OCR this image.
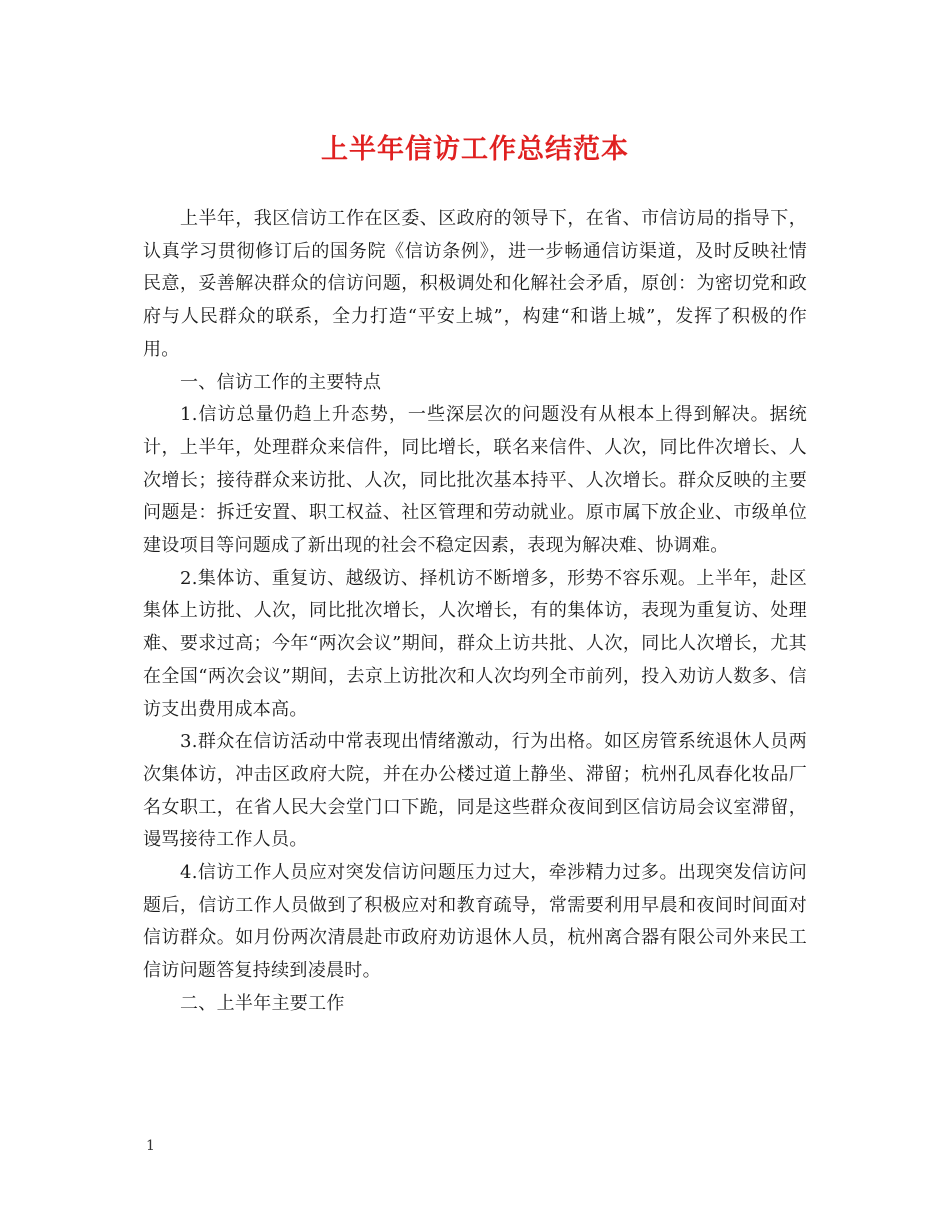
上半年信访工作总结范本

上半年，我区信访工作在区委、区政府的领导下，在省、市信访局的指导下，认真学习贯彻修订后的国务院《信访条例》，进一步畅通信访渠道，及时反映社情民意，妥善解决群众的信访问题，积极调处和化解社会矛盾，原创：为密切党和政府与人民群众的联系，全力打造“平安上城”，构建“和谐上城”，发挥了积极的作用。

一、信访工作的主要特点

1.信访总量仍趋上升态势，一些深层次的问题没有从根本上得到解决。据统计，上半年，处理群众来信件，同比增长，联名来信件、人次，同比件次增长、人次增长；接待群众来访批、人次，同比批次基本持平、人次增长。群众反映的主要问题是：拆迁安置、职工权益、社区管理和劳动就业。原市属下放企业、市级单位建设项目等问题成了新出现的社会不稳定因素，表现为解决难、协调难。

2.集体访、重复访、越级访、择机访不断增多，形势不容乐观。上半年，赴区集体上访批、人次，同比批次增长，人次增长，有的集体访，表现为重复访、处理难、要求过高；今年“两次会议”期间，群众上访共批、人次，同比人次增长，尤其在全国“两次会议”期间，去京上访批次和人次均列全市前列，投入劝访人数多、信访支出费用成本高。

3.群众在信访活动中常表现出情绪激动，行为出格。如区房管系统退休人员两次集体访，冲击区政府大院，并在办公楼过道上静坐、滞留；杭州孔凤春化妆品厂名女职工，在省人民大会堂门口下跪，同是这些群众夜间到区信访局会议室滞留，谩骂接待工作人员。

4.信访工作人员应对突发信访问题压力过大，牵涉精力过多。出现突发信访问题后，信访工作人员做到了积极应对和教育疏导，常需要利用早晨和夜间时间面对信访群众。如月份两次清晨赴市政府劝访退休人员，杭州离合器有限公司外来民工信访问题答复持续到凌晨时。

二、上半年主要工作

1
